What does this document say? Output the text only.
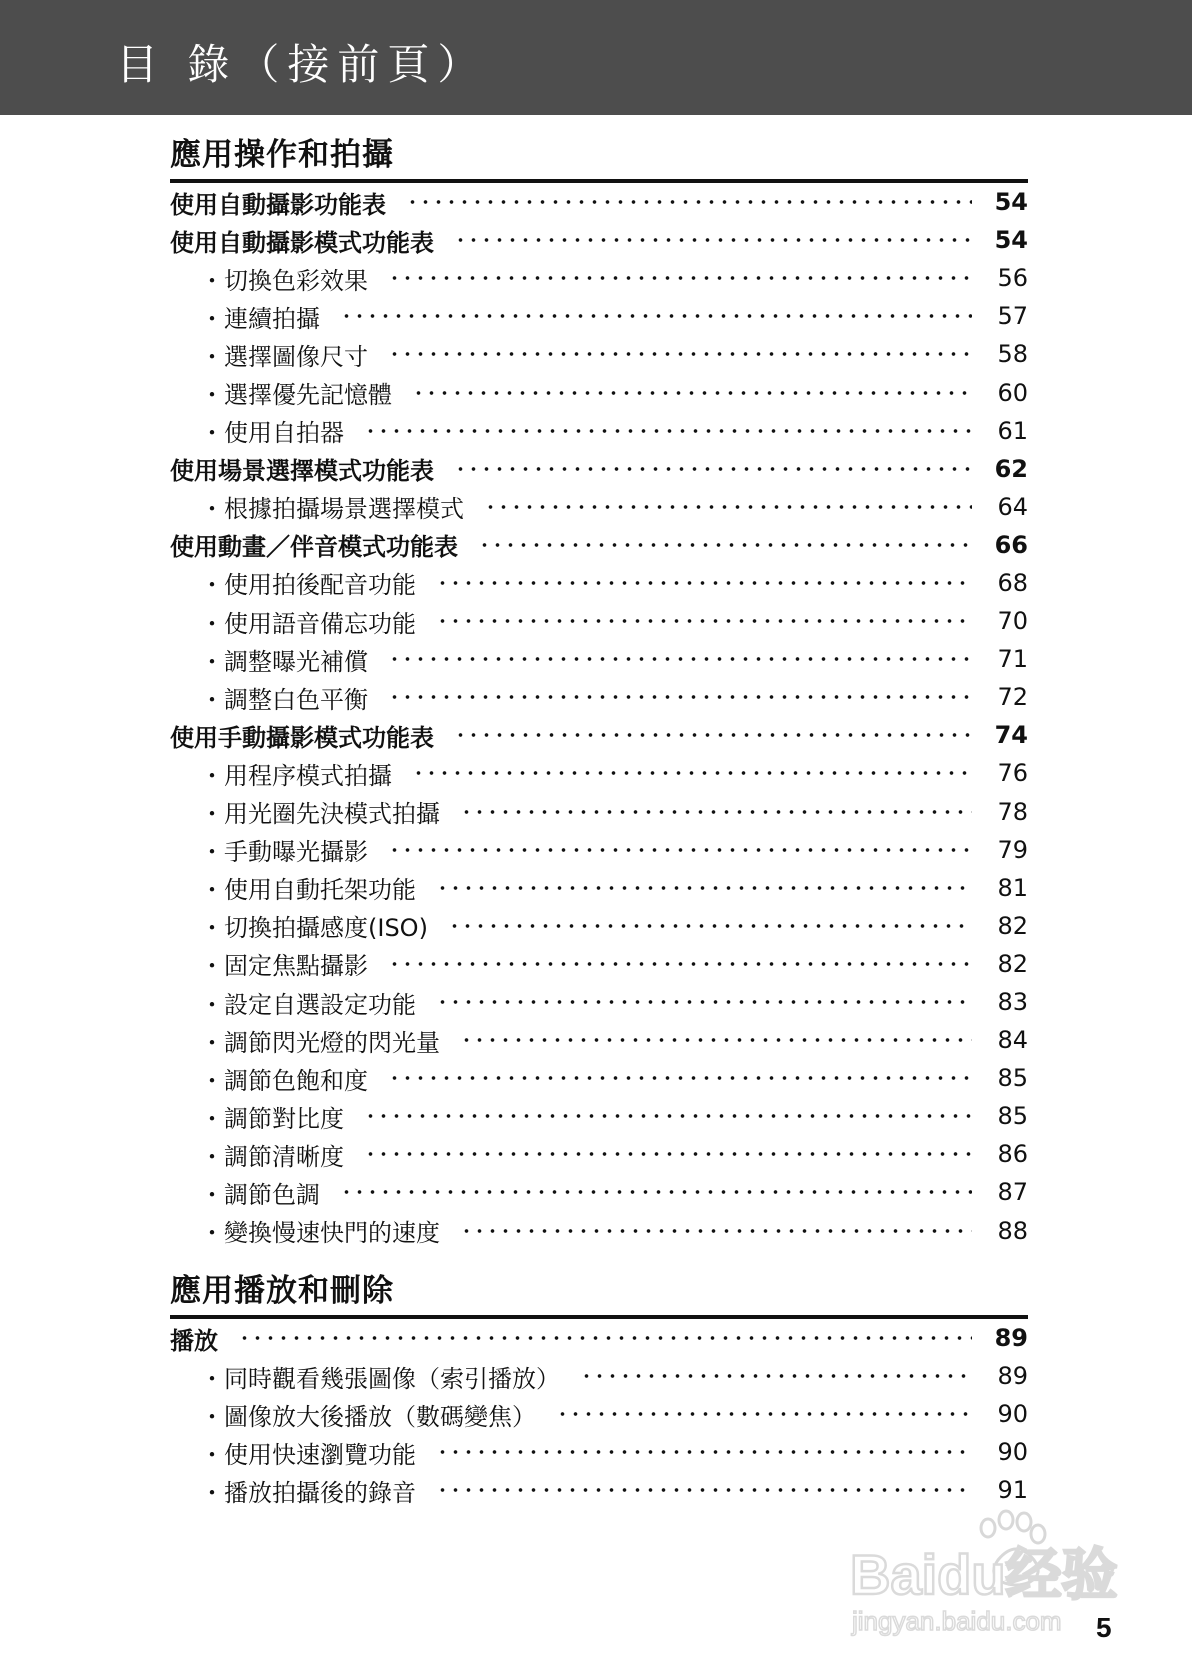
目 錄（接前頁）
應用操作和拍攝
使用自動攝影功能表	54
使用自動攝影模式功能表	54
・切換色彩效果	56
・連續拍攝	57
・選擇圖像尺寸	58
・選擇優先記憶體	60
・使用自拍器	61
使用場景選擇模式功能表	62
・根據拍攝場景選擇模式	64
使用動畫／伴音模式功能表	66
・使用拍後配音功能	68
・使用語音備忘功能	70
・調整曝光補償	71
・調整白色平衡	72
使用手動攝影模式功能表	74
・用程序模式拍攝	76
・用光圈先決模式拍攝	78
・手動曝光攝影	79
・使用自動托架功能	81
・切換拍攝感度(ISO)	82
・固定焦點攝影	82
・設定自選設定功能	83
・調節閃光燈的閃光量	84
・調節色飽和度	85
・調節對比度	85
・調節清晰度	86
・調節色調	87
・變換慢速快門的速度	88
應用播放和刪除
播放	89
・同時觀看幾張圖像（索引播放）	89
・圖像放大後播放（數碼變焦）	90
・使用快速瀏覽功能	90
・播放拍攝後的錄音	91
Baidu经验
jingyan.baidu.com 5
